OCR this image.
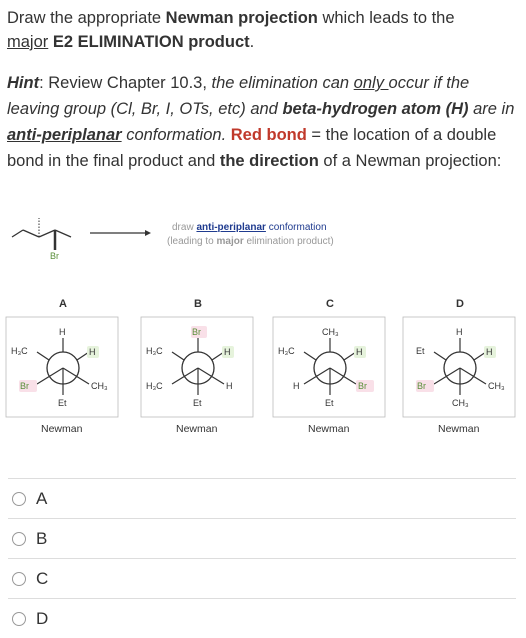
Draw the appropriate Newman projection which leads to the
major E2 ELIMINATION product.
Hint: Review Chapter 10.3, the elimination can only occur if the leaving group (Cl, Br, I, OTs, etc) and beta-hydrogen atom (H) are in anti-periplanar conformation. Red bond = the location of a double bond in the final product and the direction of a Newman projection:
Br
draw anti-periplanar conformation
(leading to major elimination product)
A
H
H₃C	H
Br	CH₃
Et
Newman
B
Br
H₃C	H
H₃C	H
Et
Newman
C
CH₃
H₃C	H
H	Br
Et
Newman
D
H
Et	H
Br	CH₃
CH₃
Newman
A
B
C
D
